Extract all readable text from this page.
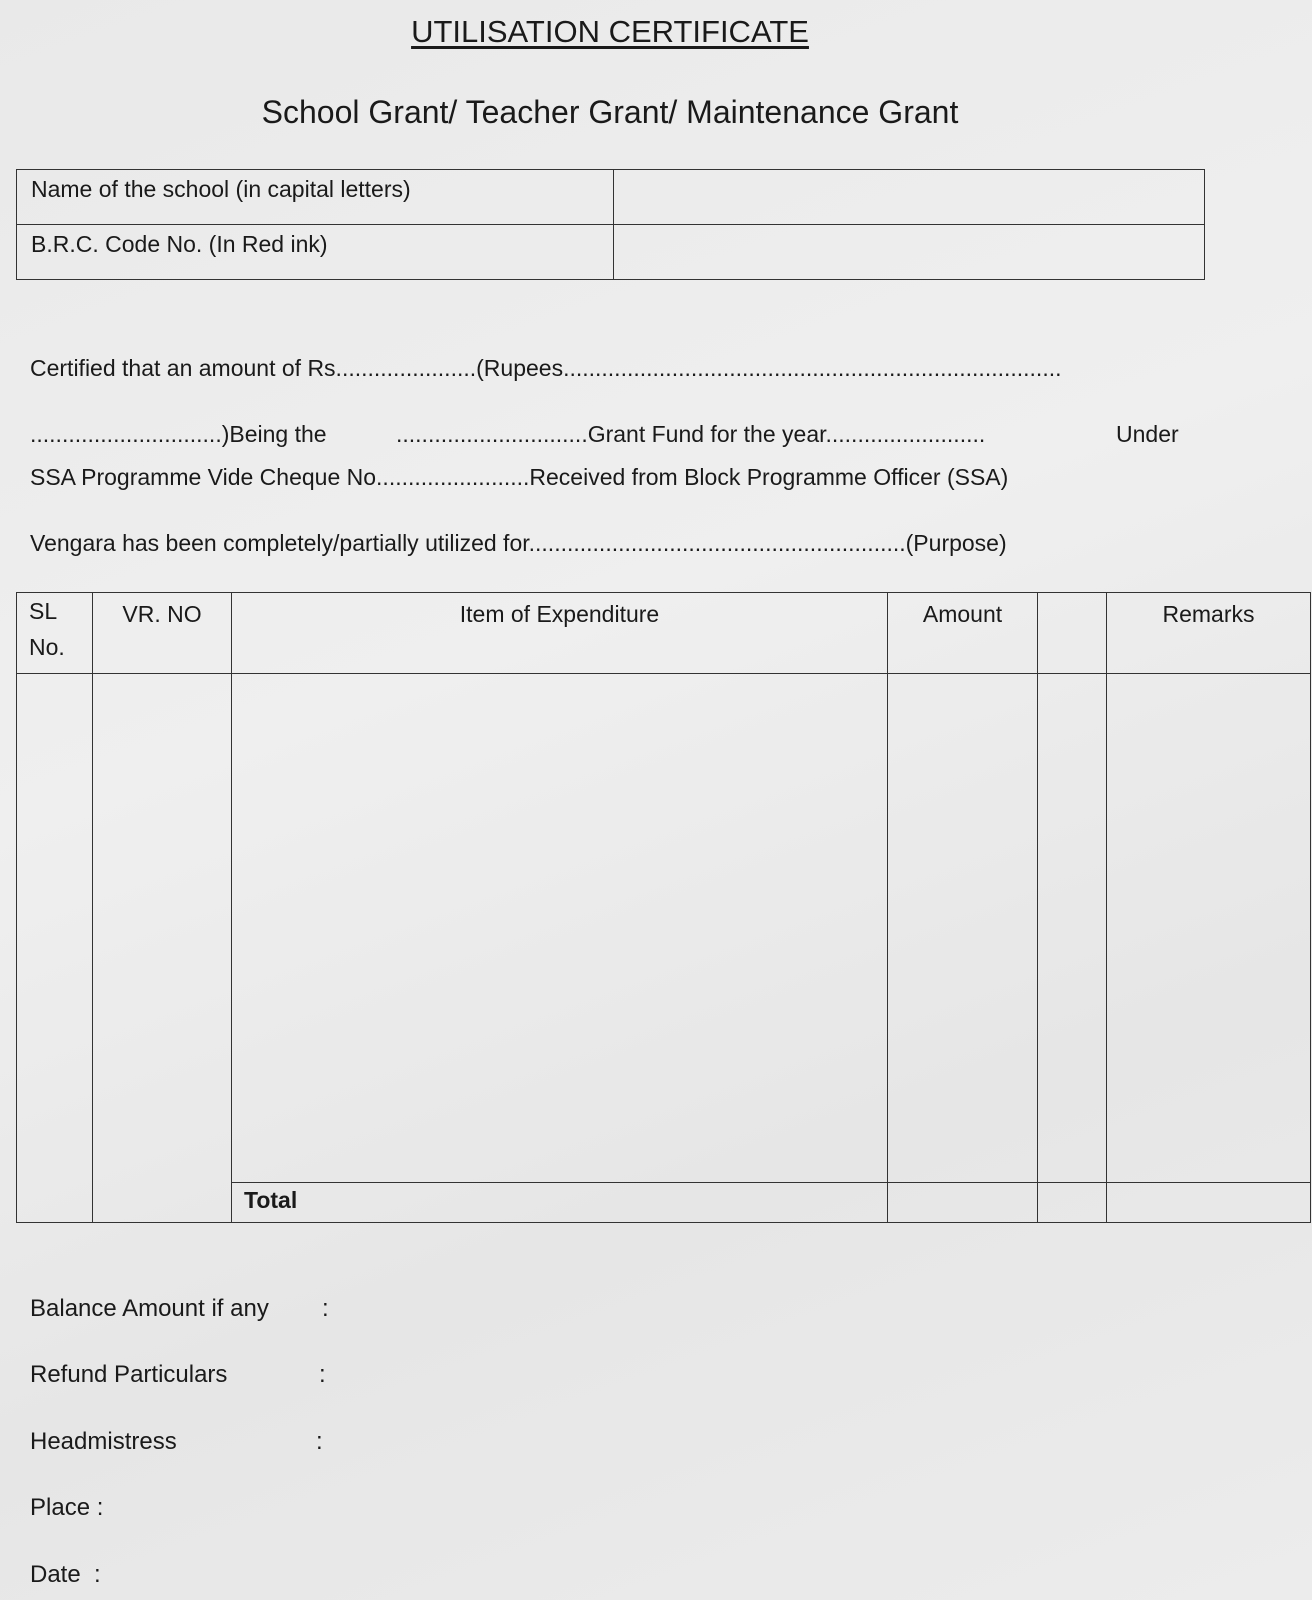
UTILISATION CERTIFICATE
School Grant/ Teacher Grant/ Maintenance Grant
Name of the school (in capital letters)	
B.R.C. Code No. (In Red ink)	
Certified that an amount of Rs......................(Rupees..............................................................................
..............................)Being the	..............................Grant Fund for the year.........................	Under
SSA Programme Vide Cheque No........................Received from Block Programme Officer (SSA)
Vengara has been completely/partially utilized for...........................................................(Purpose)
SL No.	VR. NO	Item of Expenditure	Amount		Remarks

		Total			
Balance Amount if any :
Refund Particulars	:
Headmistress	:
Place :
Date  :
